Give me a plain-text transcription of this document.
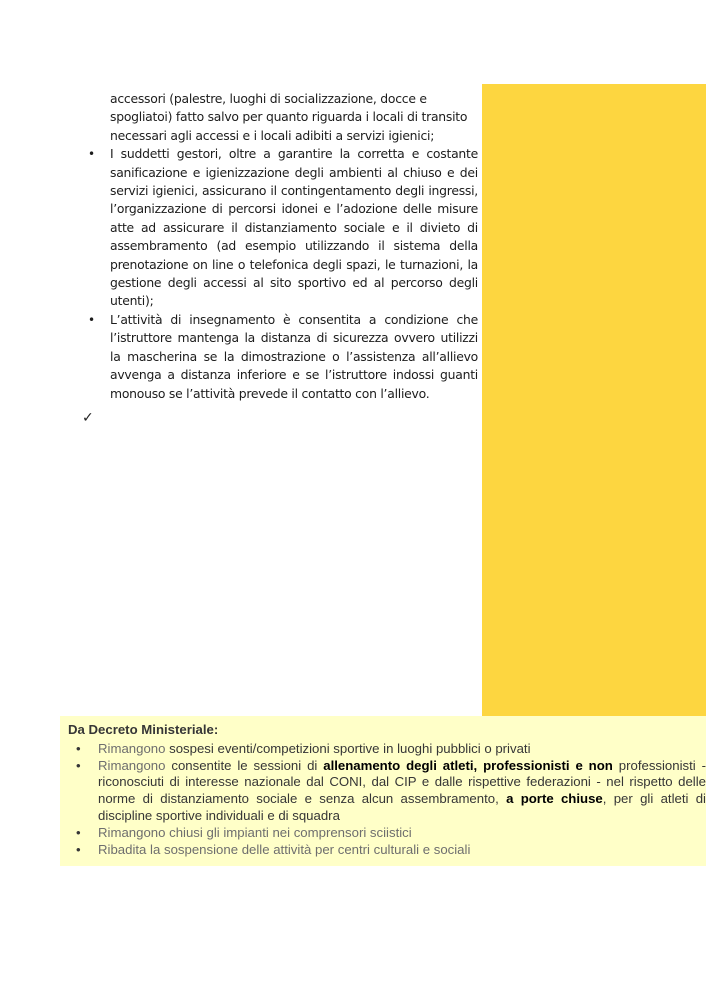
accessori (palestre, luoghi di socializzazione, docce e spogliatoi) fatto salvo per quanto riguarda i locali di transito necessari agli accessi e i locali adibiti a servizi igienici;

• I suddetti gestori, oltre a garantire la corretta e costante sanificazione e igienizzazione degli ambienti al chiuso e dei servizi igienici, assicurano il contingentamento degli ingressi, l’organizzazione di percorsi idonei e l’adozione delle misure atte ad assicurare il distanziamento sociale e il divieto di assembramento (ad esempio utilizzando il sistema della prenotazione on line o telefonica degli spazi, le turnazioni, la gestione degli accessi al sito sportivo ed al percorso degli utenti);
• L’attività di insegnamento è consentita a condizione che l’istruttore mantenga la distanza di sicurezza ovvero utilizzi la mascherina se la dimostrazione o l’assistenza all’allievo avvenga a distanza inferiore e se l’istruttore indossi guanti monouso se l’attività prevede il contatto con l’allievo.
✓
Da Decreto Ministeriale:
• Rimangono sospesi eventi/competizioni sportive in luoghi pubblici o privati
• Rimangono consentite le sessioni di allenamento degli atleti, professionisti e non professionisti -riconosciuti di interesse nazionale dal CONI, dal CIP e dalle rispettive federazioni - nel rispetto delle norme di distanziamento sociale e senza alcun assembramento, a porte chiuse, per gli atleti di discipline sportive individuali e di squadra
• Rimangono chiusi gli impianti nei comprensori sciistici
• Ribadita la sospensione delle attività per centri culturali e sociali
